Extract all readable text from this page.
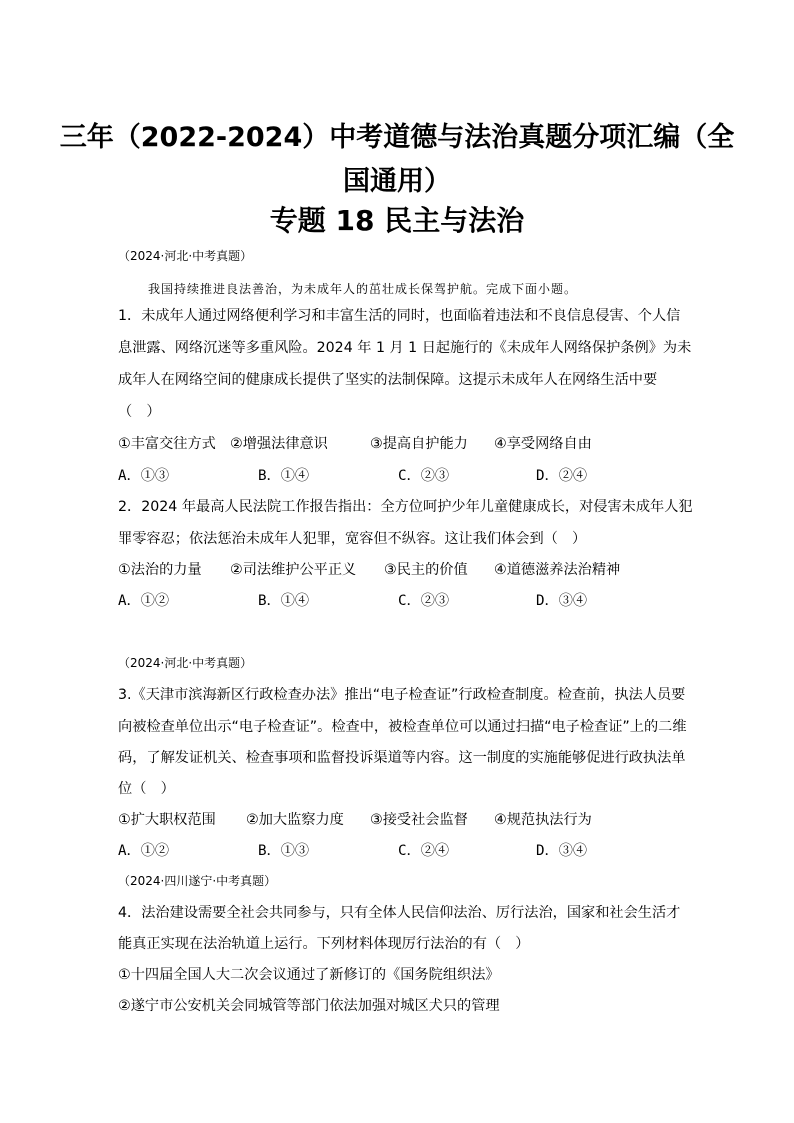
三年（2022-2024）中考道德与法治真题分项汇编（全
国通用）
专题 18 民主与法治
（2024·河北·中考真题）
我国持续推进良法善治，为未成年人的茁壮成长保驾护航。完成下面小题。
1．未成年人通过网络便利学习和丰富生活的同时，也面临着违法和不良信息侵害、个人信
息泄露、网络沉迷等多重风险。2024 年 1 月 1 日起施行的《未成年人网络保护条例》为未
成年人在网络空间的健康成长提供了坚实的法制保障。这提示未成年人在网络生活中要
（　）
①丰富交往方式 ②增强法律意识	③提高自护能力 ④享受网络自由
A．①③	B．①④	C．②③	D．②④
2．2024 年最高人民法院工作报告指出：全方位呵护少年儿童健康成长，对侵害未成年人犯
罪零容忍；依法惩治未成年人犯罪，宽容但不纵容。这让我们体会到（　）
①法治的力量 ②司法维护公平正义 ③民主的价值 ④道德滋养法治精神
A．①②	B．①④	C．②③	D．③④
（2024·河北·中考真题）
3.《天津市滨海新区行政检查办法》推出“电子检查证”行政检查制度。检查前，执法人员要
向被检查单位出示“电子检查证”。检查中，被检查单位可以通过扫描“电子检查证”上的二维
码，了解发证机关、检查事项和监督投诉渠道等内容。这一制度的实施能够促进行政执法单
位（　）
①扩大职权范围 ②加大监察力度 ③接受社会监督 ④规范执法行为
A．①②	B．①③	C．②④	D．③④
（2024·四川遂宁·中考真题）
4．法治建设需要全社会共同参与，只有全体人民信仰法治、厉行法治，国家和社会生活才
能真正实现在法治轨道上运行。下列材料体现厉行法治的有（　）
①十四届全国人大二次会议通过了新修订的《国务院组织法》
②遂宁市公安机关会同城管等部门依法加强对城区犬只的管理
